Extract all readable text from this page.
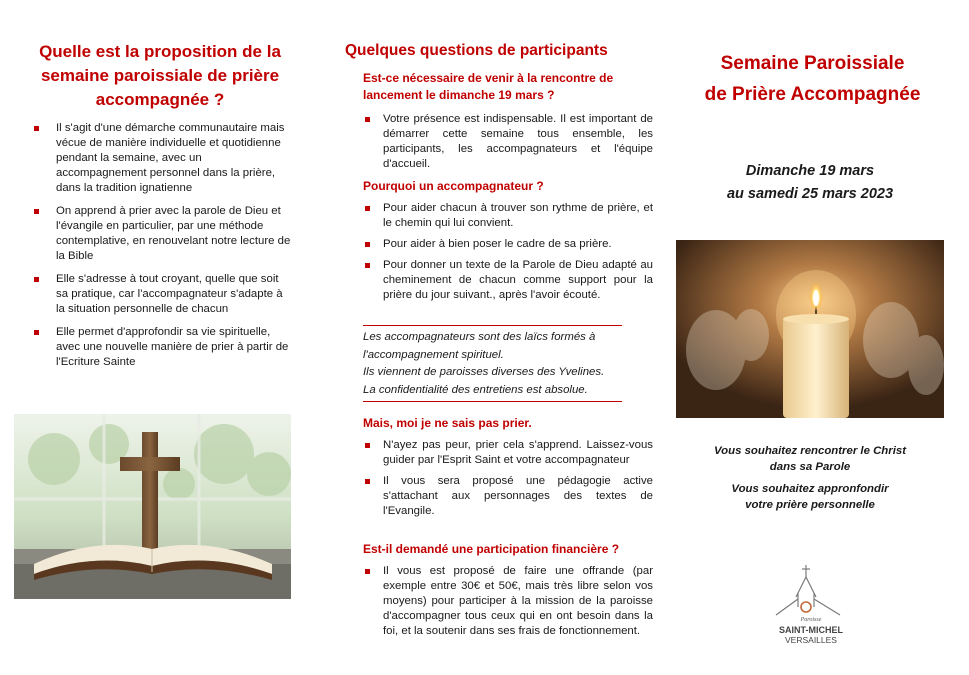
Quelle est la proposition de la semaine paroissiale de prière accompagnée ?
Il s'agit d'une démarche communautaire mais vécue de manière individuelle et quotidienne pendant la semaine, avec un accompagnement personnel dans la prière, dans la tradition ignatienne
On apprend à prier avec la parole de Dieu et l'évangile en particulier, par une méthode contemplative, en renouvelant notre lecture de la Bible
Elle s'adresse à tout croyant, quelle que soit sa pratique, car l'accompagnateur s'adapte à la situation personnelle de chacun
Elle permet d'approfondir sa vie spirituelle, avec une nouvelle manière de prier à partir de l'Ecriture Sainte
Quelques questions de participants
Est-ce nécessaire de venir à la rencontre de lancement le dimanche 19 mars ?
Votre présence est indispensable. Il est important de démarrer cette semaine tous ensemble, les participants, les accompagnateurs et l'équipe d'accueil.
Pourquoi un accompagnateur ?
Pour aider chacun à trouver son rythme de prière, et le chemin qui lui convient.
Pour aider à bien poser le cadre de sa prière.
Pour donner un texte de la Parole de Dieu adapté au cheminement de chacun comme support pour la prière du jour suivant., après l'avoir écouté.
Mais, moi je ne sais pas prier.
N'ayez pas peur, prier cela s'apprend. Laissez-vous guider par l'Esprit Saint et votre accompagnateur
Il vous sera proposé une pédagogie active s'attachant aux personnages des textes de l'Evangile.
Est-il demandé une participation financière ?
Il vous est proposé de faire une offrande (par exemple entre 30€ et 50€, mais très libre selon vos moyens) pour participer à la mission de la paroisse d'accompagner tous ceux qui en ont besoin dans la foi, et la soutenir dans ses frais de fonctionnement.

Les accompagnateurs sont des laïcs formés à

l'accompagnement spirituel.

Ils viennent de paroisses diverses des Yvelines.

La confidentialité des entretiens est absolue.

Semaine Paroissiale
de Prière Accompagnée
Dimanche 19 mars
au samedi 25 mars 2023
Vous souhaitez rencontrer le Christ
dans sa Parole
Vous souhaitez appronfondir
votre prière personnelle
Paroisse
SAINT-MICHEL
VERSAILLES
